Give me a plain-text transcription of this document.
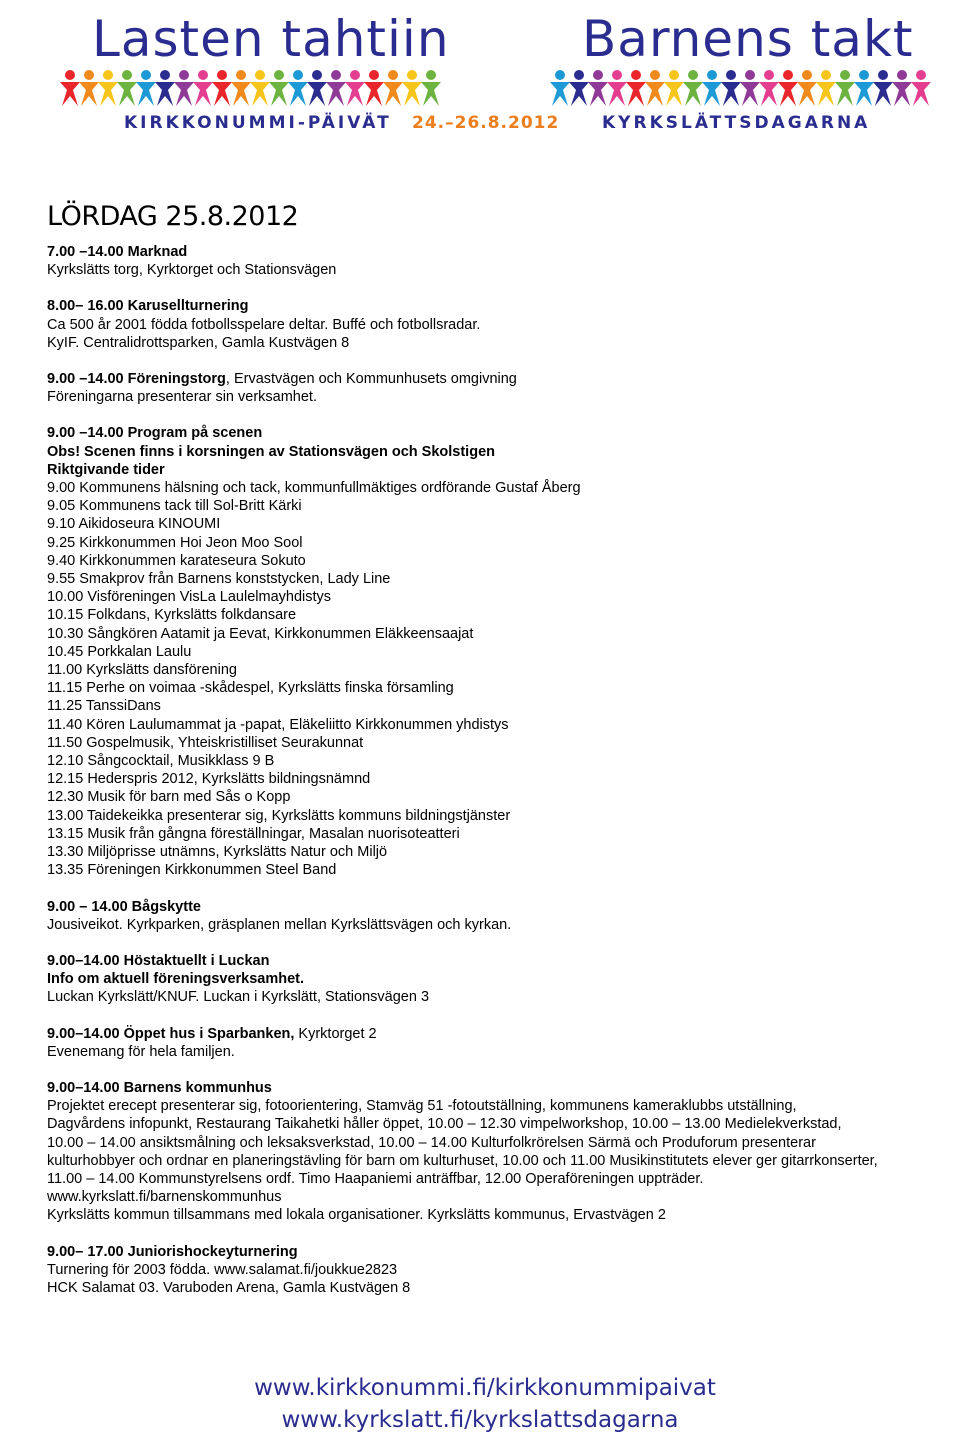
Lasten tahtiin	Barnens takt
KIRKKONUMMI-PÄIVÄT 24.–26.8.2012	KYRKSLÄTTSDAGARNA
LÖRDAG 25.8.2012
7.00 –14.00 Marknad
Kyrkslätts torg, Kyrktorget och Stationsvägen
8.00– 16.00 Karusellturnering
Ca 500 år 2001 födda fotbollsspelare deltar. Buffé och fotbollsradar.
KyIF. Centralidrottsparken, Gamla Kustvägen 8
9.00 –14.00 Föreningstorg, Ervastvägen och Kommunhusets omgivning
Föreningarna presenterar sin verksamhet.
9.00 –14.00 Program på scenen
Obs! Scenen finns i korsningen av Stationsvägen och Skolstigen
Riktgivande tider
9.00 Kommunens hälsning och tack, kommunfullmäktiges ordförande Gustaf Åberg
9.05 Kommunens tack till Sol-Britt Kärki
9.10 Aikidoseura KINOUMI
9.25 Kirkkonummen Hoi Jeon Moo Sool
9.40 Kirkkonummen karateseura Sokuto
9.55 Smakprov från Barnens konststycken, Lady Line
10.00 Visföreningen VisLa Laulelmayhdistys
10.15 Folkdans, Kyrkslätts folkdansare
10.30 Sångkören Aatamit ja Eevat, Kirkkonummen Eläkkeensaajat
10.45 Porkkalan Laulu
11.00 Kyrkslätts dansförening
11.15 Perhe on voimaa -skådespel, Kyrkslätts finska församling
11.25 TanssiDans
11.40 Kören Laulumammat ja -papat, Eläkeliitto Kirkkonummen yhdistys
11.50 Gospelmusik, Yhteiskristilliset Seurakunnat
12.10 Sångcocktail, Musikklass 9 B
12.15 Hederspris 2012, Kyrkslätts bildningsnämnd
12.30 Musik för barn med Sås o Kopp
13.00 Taidekeikka presenterar sig, Kyrkslätts kommuns bildningstjänster
13.15 Musik från gångna föreställningar, Masalan nuorisoteatteri
13.30 Miljöprisse utnämns, Kyrkslätts Natur och Miljö
13.35 Föreningen Kirkkonummen Steel Band
9.00 – 14.00 Bågskytte
Jousiveikot. Kyrkparken, gräsplanen mellan Kyrkslättsvägen och kyrkan.
9.00–14.00 Höstaktuellt i Luckan
Info om aktuell föreningsverksamhet.
Luckan Kyrkslätt/KNUF. Luckan i Kyrkslätt, Stationsvägen 3
9.00–14.00 Öppet hus i Sparbanken, Kyrktorget 2
Evenemang för hela familjen.
9.00–14.00 Barnens kommunhus
Projektet erecept presenterar sig, fotoorientering, Stamväg 51 -fotoutställning, kommunens kameraklubbs utställning,
Dagvårdens infopunkt, Restaurang Taikahetki håller öppet, 10.00 – 12.30 vimpelworkshop, 10.00 – 13.00 Medielekverkstad,
10.00 – 14.00 ansiktsmålning och leksaksverkstad, 10.00 – 14.00 Kulturfolkrörelsen Särmä och Produforum presenterar
kulturhobbyer och ordnar en planeringstävling för barn om kulturhuset, 10.00 och 11.00 Musikinstitutets elever ger gitarrkonserter,
11.00 – 14.00 Kommunstyrelsens ordf. Timo Haapaniemi anträffbar, 12.00 Operaföreningen uppträder.
www.kyrkslatt.fi/barnenskommunhus
Kyrkslätts kommun tillsammans med lokala organisationer. Kyrkslätts kommunus, Ervastvägen 2
9.00– 17.00 Juniorishockeyturnering
Turnering för 2003 födda. www.salamat.fi/joukkue2823
HCK Salamat 03. Varuboden Arena, Gamla Kustvägen 8
www.kirkkonummi.fi/kirkkonummipaivat
www.kyrkslatt.fi/kyrkslattsdagarna
